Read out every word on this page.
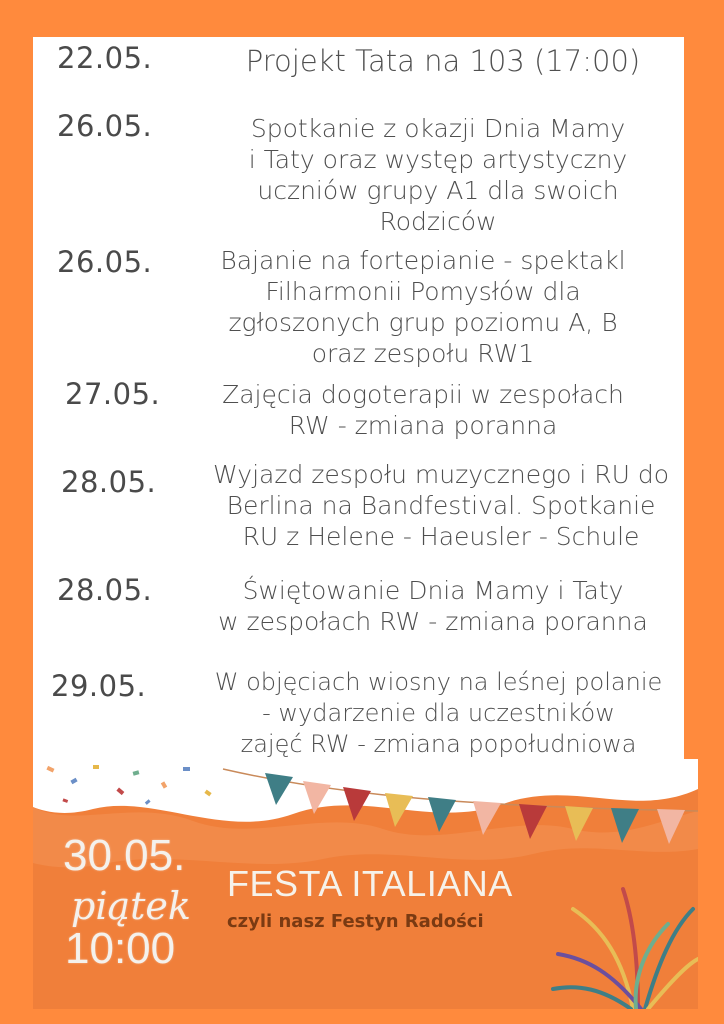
22.05.	Projekt Tata na 103 (17:00)
26.05.	Spotkanie z okazji Dnia Mamy
i Taty oraz występ artystyczny
uczniów grupy A1 dla swoich
Rodziców
26.05.	Bajanie na fortepianie - spektakl
Filharmonii Pomysłów dla
zgłoszonych grup poziomu A, B
oraz zespołu RW1
27.05.	Zajęcia dogoterapii w zespołach
RW - zmiana poranna
28.05.	Wyjazd zespołu muzycznego i RU do
Berlina na Bandfestival. Spotkanie
RU z Helene - Haeusler - Schule
28.05.	Świętowanie Dnia Mamy i Taty
w zespołach RW - zmiana poranna
29.05.	W objęciach wiosny na leśnej polanie
- wydarzenie dla uczestników
zajęć RW - zmiana popołudniowa
30.05.
piątek
10:00
FESTA ITALIANA
czyli nasz Festyn Radości
